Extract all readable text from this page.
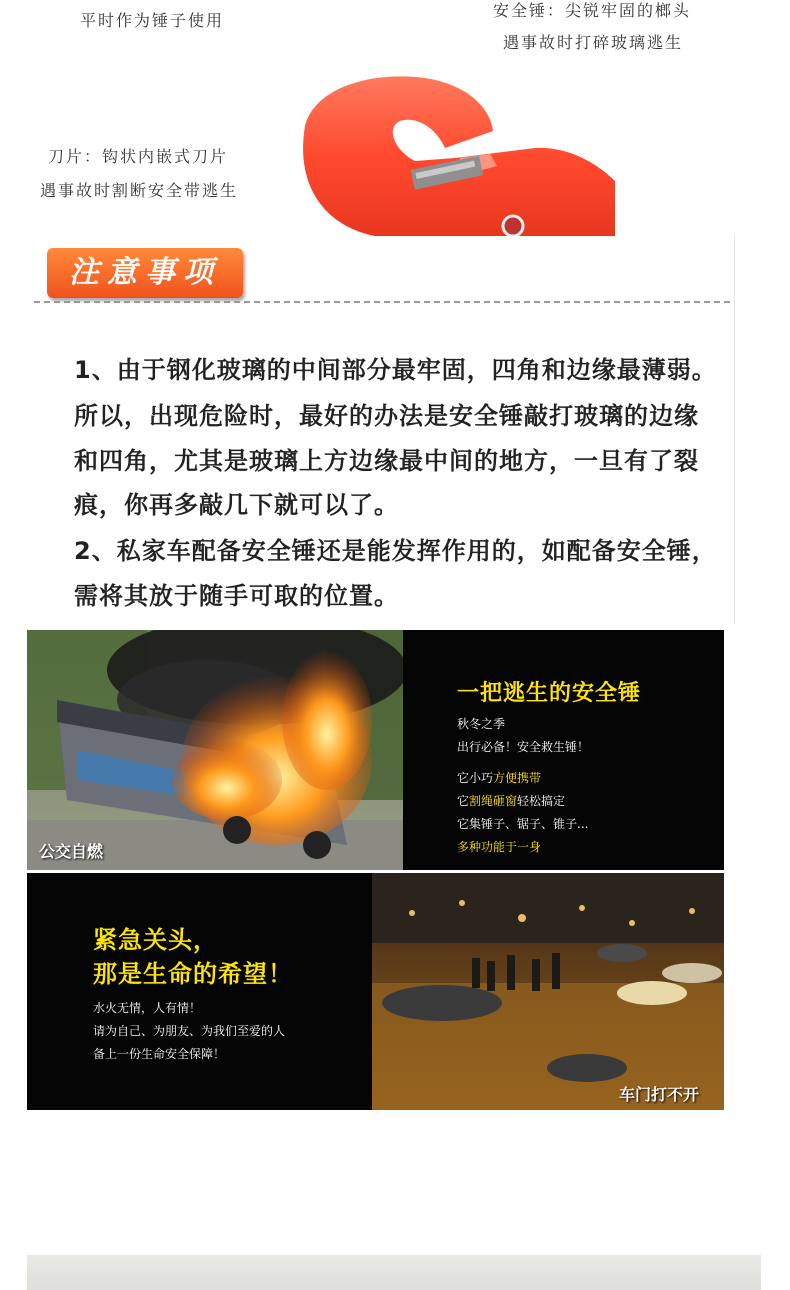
平时作为锤子使用
安全锤：尖锐牢固的榔头
遇事故时打碎玻璃逃生
刀片：钩状内嵌式刀片
遇事故时割断安全带逃生
注意事项
1、由于钢化玻璃的中间部分最牢固，四角和边缘最薄弱。
所以，出现危险时，最好的办法是安全锤敲打玻璃的边缘
和四角，尤其是玻璃上方边缘最中间的地方，一旦有了裂
痕，你再多敲几下就可以了。
2、私家车配备安全锤还是能发挥作用的，如配备安全锤，
需将其放于随手可取的位置。
公交自燃
一把逃生的安全锤
秋冬之季
出行必备！安全救生锤！
它小巧方便携带
它割绳砸窗轻松搞定
它集锤子、锯子、锥子...
多种功能于一身
紧急关头，
那是生命的希望！
水火无情，人有情！
请为自己、为朋友、为我们至爱的人
备上一份生命安全保障！
车门打不开
